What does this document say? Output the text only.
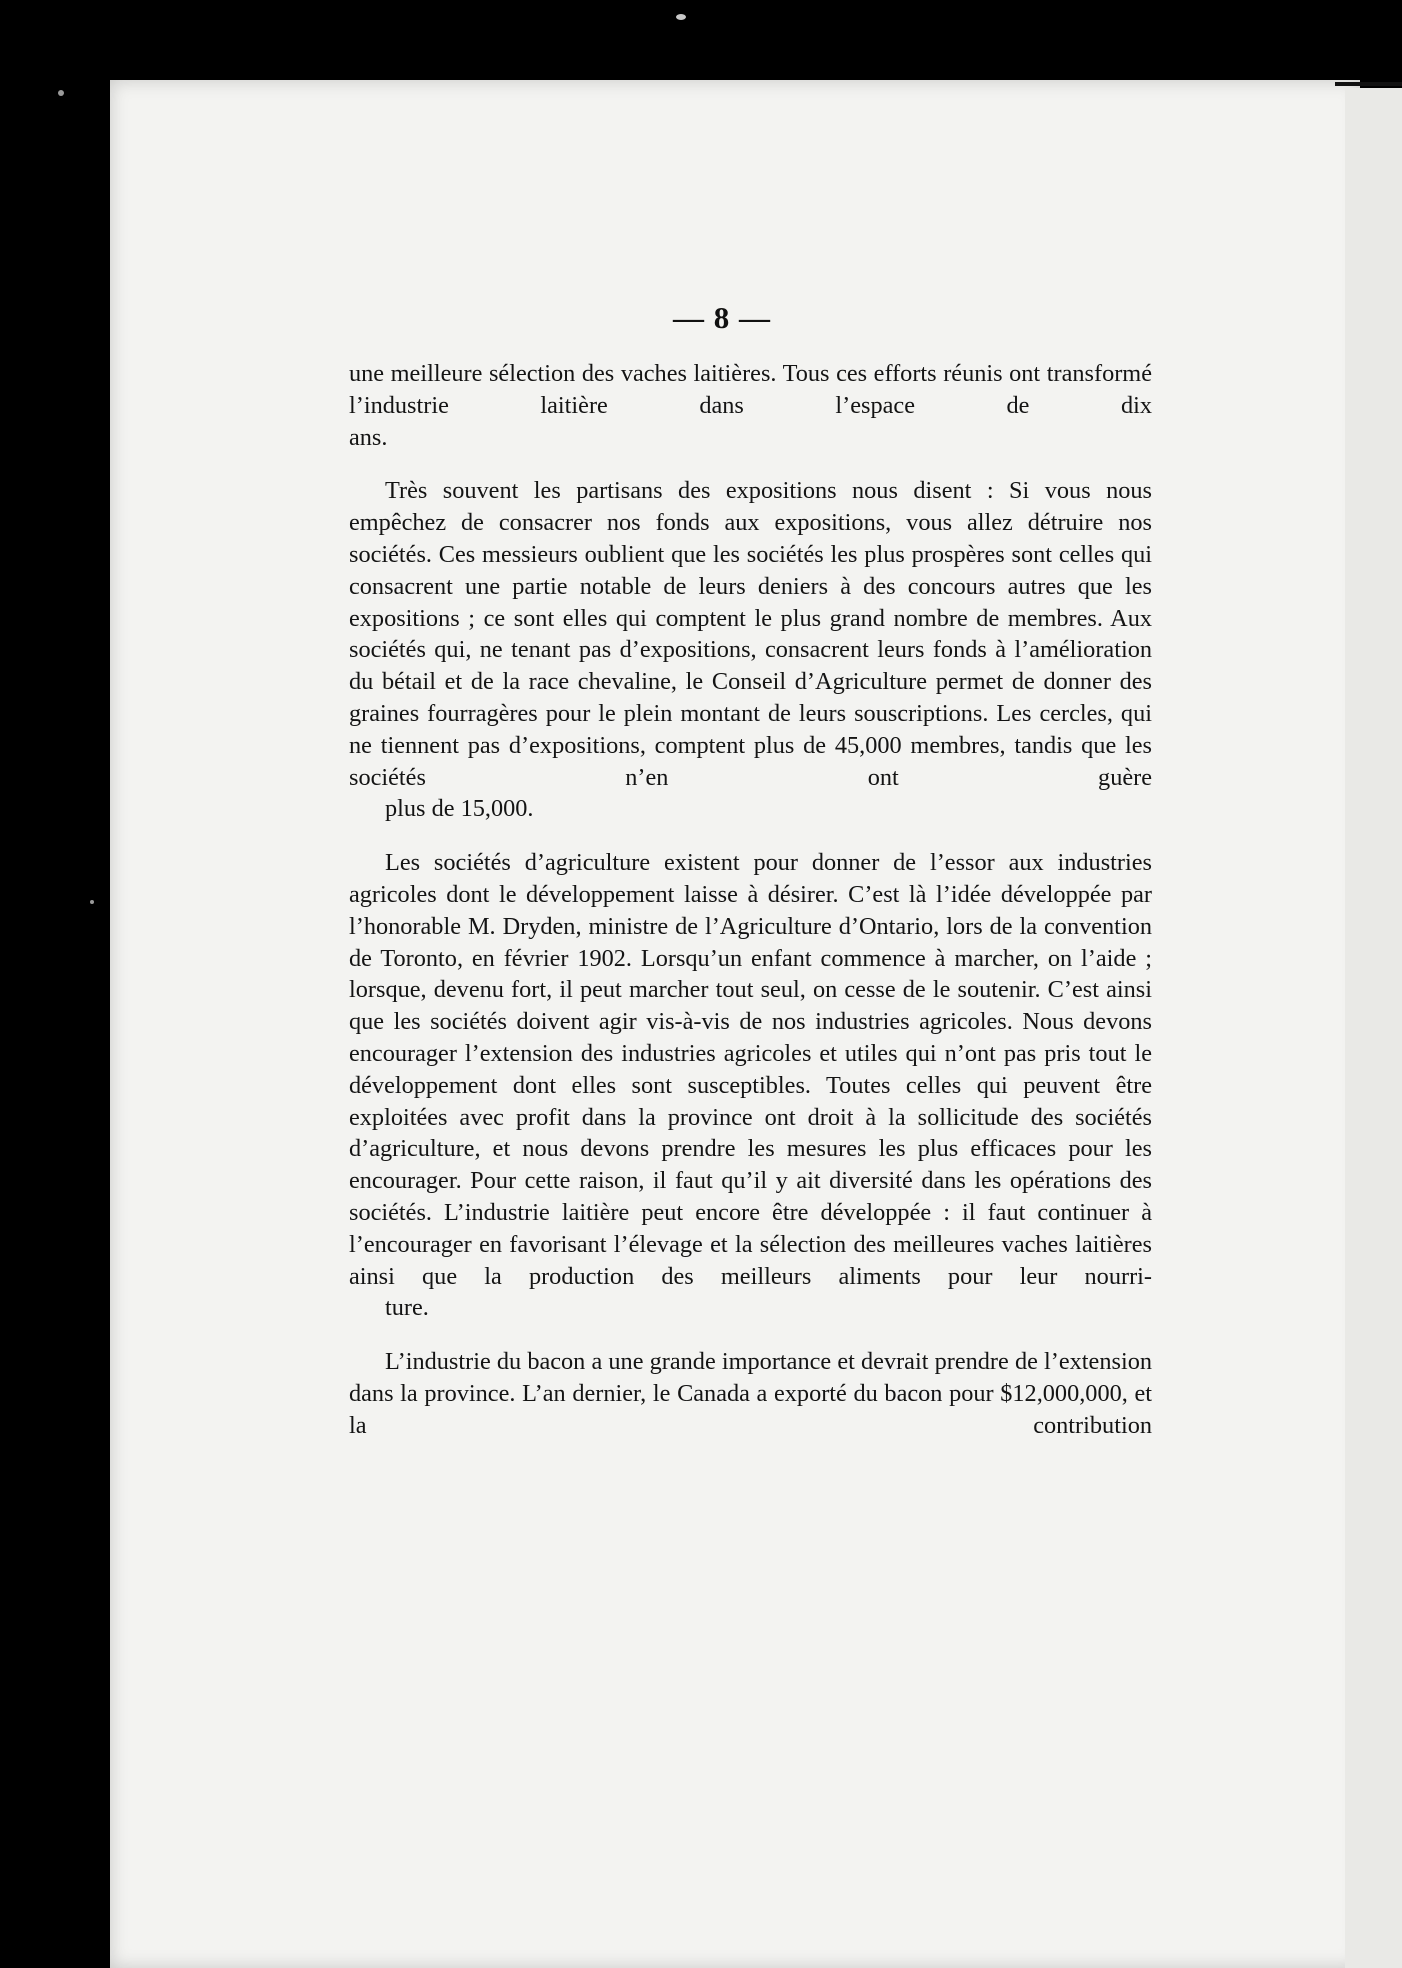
— 8 —

une meilleure sélection des vaches laitières. Tous ces efforts réunis ont transformé l’industrie laitière dans l’espace de dix
ans.

Très souvent les partisans des expositions nous disent : Si vous nous empêchez de consacrer nos fonds aux expositions, vous allez détruire nos sociétés. Ces messieurs oublient que les sociétés les plus prospères sont celles qui consacrent une partie notable de leurs deniers à des concours autres que les expositions ; ce sont elles qui comptent le plus grand nombre de membres. Aux sociétés qui, ne tenant pas d’expositions, consacrent leurs fonds à l’amélioration du bétail et de la race chevaline, le Conseil d’Agriculture permet de donner des graines fourragères pour le plein montant de leurs souscriptions. Les cercles, qui ne tiennent pas d’expositions, comptent plus de 45,000 membres, tandis que les sociétés n’en ont guère
plus de 15,000.

Les sociétés d’agriculture existent pour donner de l’essor aux industries agricoles dont le développement laisse à désirer. C’est là l’idée développée par l’honorable M. Dryden, ministre de l’Agriculture d’Ontario, lors de la convention de Toronto, en février 1902. Lorsqu’un enfant commence à marcher, on l’aide ; lorsque, devenu fort, il peut marcher tout seul, on cesse de le soutenir. C’est ainsi que les sociétés doivent agir vis-à-vis de nos industries agricoles. Nous devons encourager l’extension des industries agricoles et utiles qui n’ont pas pris tout le développement dont elles sont susceptibles. Toutes celles qui peuvent être exploitées avec profit dans la province ont droit à la sollicitude des sociétés d’agriculture, et nous devons prendre les mesures les plus efficaces pour les encourager. Pour cette raison, il faut qu’il y ait diversité dans les opérations des sociétés. L’industrie laitière peut encore être développée : il faut continuer à l’encourager en favorisant l’élevage et la sélection des meilleures vaches laitières ainsi que la production des meilleurs aliments pour leur nourri-
ture.

L’industrie du bacon a une grande importance et devrait prendre de l’extension dans la province. L’an dernier, le Canada a exporté du bacon pour $12,000,000, et la contribution
